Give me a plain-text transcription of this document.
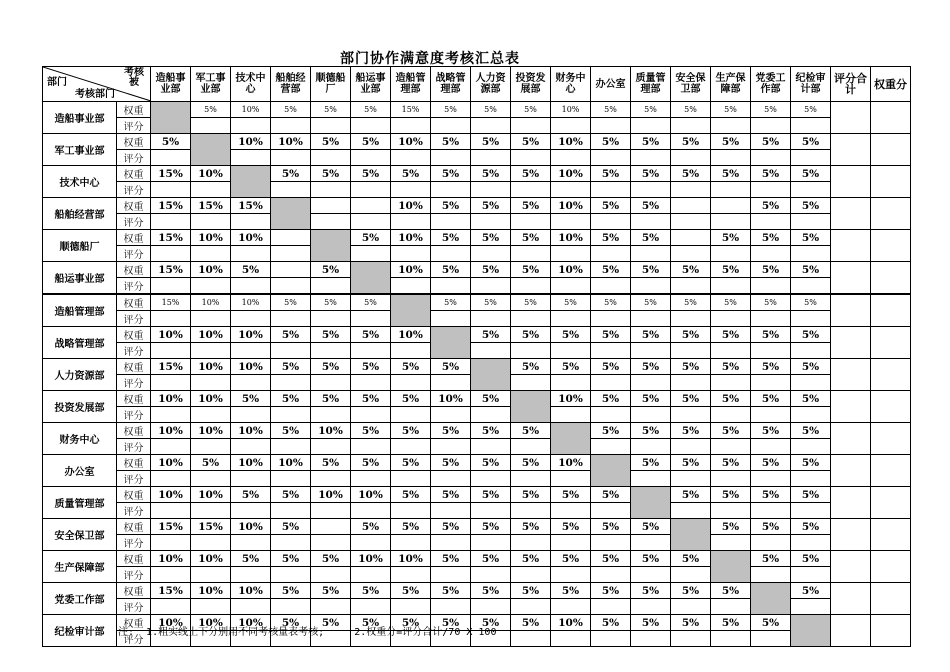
部门协作满意度考核汇总表
考核
被
部门
考核部门		造船事业部	军工事业部	技术中心	船舶经营部	顺德船厂	船运事业部	造船管理部	战略管理部	人力资源部	投资发展部	财务中心	办公室	质量管理部	安全保卫部	生产保障部	党委工作部	纪检审计部	评分合计	权重分
造船事业部	权重		5%	10%	5%	5%	5%	15%	5%	5%	5%	10%	5%	5%	5%	5%	5%	5%		
	评分																			
军工事业部	权重	5%		10%	10%	5%	5%	10%	5%	5%	5%	10%	5%	5%	5%	5%	5%	5%		
	评分																			
技术中心	权重	15%	10%		5%	5%	5%	5%	5%	5%	5%	10%	5%	5%	5%	5%	5%	5%		
	评分																			
船舶经营部	权重	15%	15%	15%				10%	5%	5%	5%	10%	5%	5%			5%	5%		
	评分																			
顺德船厂	权重	15%	10%	10%			5%	10%	5%	5%	5%	10%	5%	5%		5%	5%	5%		
	评分																			
船运事业部	权重	15%	10%	5%		5%		10%	5%	5%	5%	10%	5%	5%	5%	5%	5%	5%		
	评分																			
造船管理部	权重	15%	10%	10%	5%	5%	5%		5%	5%	5%	5%	5%	5%	5%	5%	5%	5%		
	评分																			
战略管理部	权重	10%	10%	10%	5%	5%	5%	10%		5%	5%	5%	5%	5%	5%	5%	5%	5%		
	评分																			
人力资源部	权重	15%	10%	10%	5%	5%	5%	5%	5%		5%	5%	5%	5%	5%	5%	5%	5%		
	评分																			
投资发展部	权重	10%	10%	5%	5%	5%	5%	5%	10%	5%		10%	5%	5%	5%	5%	5%	5%		
	评分																			
财务中心	权重	10%	10%	10%	5%	10%	5%	5%	5%	5%	5%		5%	5%	5%	5%	5%	5%		
	评分																			
办公室	权重	10%	5%	10%	10%	5%	5%	5%	5%	5%	5%	10%		5%	5%	5%	5%	5%		
	评分																			
质量管理部	权重	10%	10%	5%	5%	10%	10%	5%	5%	5%	5%	5%	5%		5%	5%	5%	5%		
	评分																			
安全保卫部	权重	15%	15%	10%	5%		5%	5%	5%	5%	5%	5%	5%	5%		5%	5%	5%		
	评分																			
生产保障部	权重	10%	10%	5%	5%	5%	10%	10%	5%	5%	5%	5%	5%	5%	5%		5%	5%		
	评分																			
党委工作部	权重	15%	10%	10%	5%	5%	5%	5%	5%	5%	5%	5%	5%	5%	5%	5%		5%		
	评分																			
纪检审计部	权重	10%	10%	10%	5%	5%	5%	5%	5%	5%	5%	10%	5%	5%	5%	5%	5%			
	评分																			
注:  1.粗实线上下分别用不同考核量表考核;     2.权重分=评分合计/70 X 100
